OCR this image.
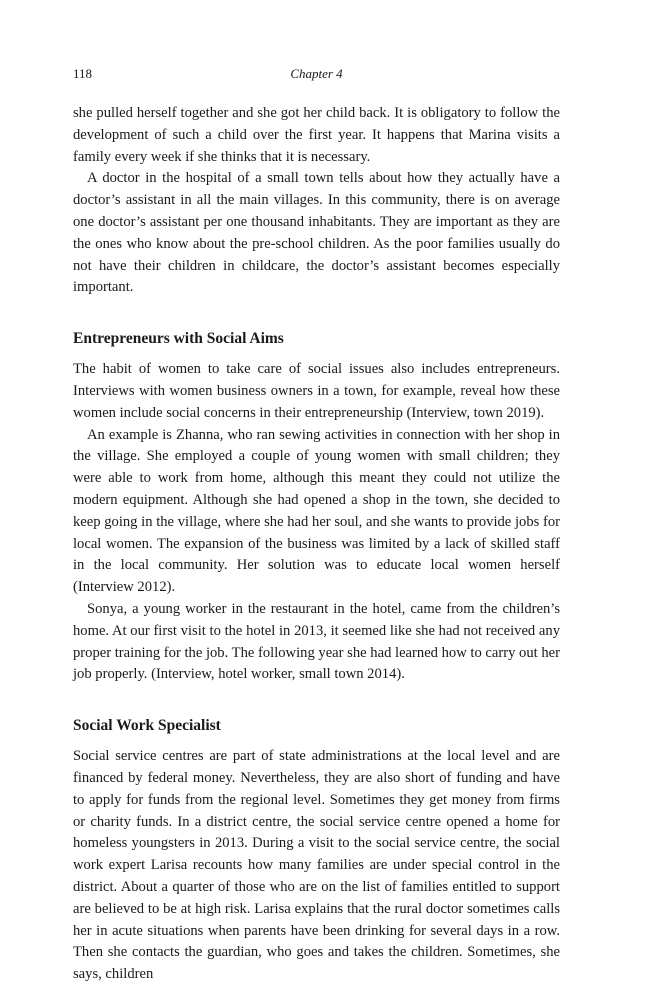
118	Chapter 4

she pulled herself together and she got her child back. It is obligatory to follow the development of such a child over the first year. It happens that Marina visits a family every week if she thinks that it is necessary.

A doctor in the hospital of a small town tells about how they actually have a doctor’s assistant in all the main villages. In this community, there is on average one doctor’s assistant per one thousand inhabitants. They are important as they are the ones who know about the pre-school children. As the poor families usually do not have their children in childcare, the doctor’s assistant becomes especially important.

Entrepreneurs with Social Aims

The habit of women to take care of social issues also includes entrepreneurs. Interviews with women business owners in a town, for example, reveal how these women include social concerns in their entrepreneurship (Interview, town 2019).

An example is Zhanna, who ran sewing activities in connection with her shop in the village. She employed a couple of young women with small children; they were able to work from home, although this meant they could not utilize the modern equipment. Although she had opened a shop in the town, she decided to keep going in the village, where she had her soul, and she wants to provide jobs for local women. The expansion of the business was limited by a lack of skilled staff in the local community. Her solution was to educate local women herself (Interview 2012).

Sonya, a young worker in the restaurant in the hotel, came from the children’s home. At our first visit to the hotel in 2013, it seemed like she had not received any proper training for the job. The following year she had learned how to carry out her job properly. (Interview, hotel worker, small town 2014).

Social Work Specialist

Social service centres are part of state administrations at the local level and are financed by federal money. Nevertheless, they are also short of funding and have to apply for funds from the regional level. Sometimes they get money from firms or charity funds. In a district centre, the social service centre opened a home for homeless youngsters in 2013. During a visit to the social service centre, the social work expert Larisa recounts how many families are under special control in the district. About a quarter of those who are on the list of families entitled to support are believed to be at high risk. Larisa explains that the rural doctor sometimes calls her in acute situations when parents have been drinking for several days in a row. Then she contacts the guardian, who goes and takes the children. Sometimes, she says, children
